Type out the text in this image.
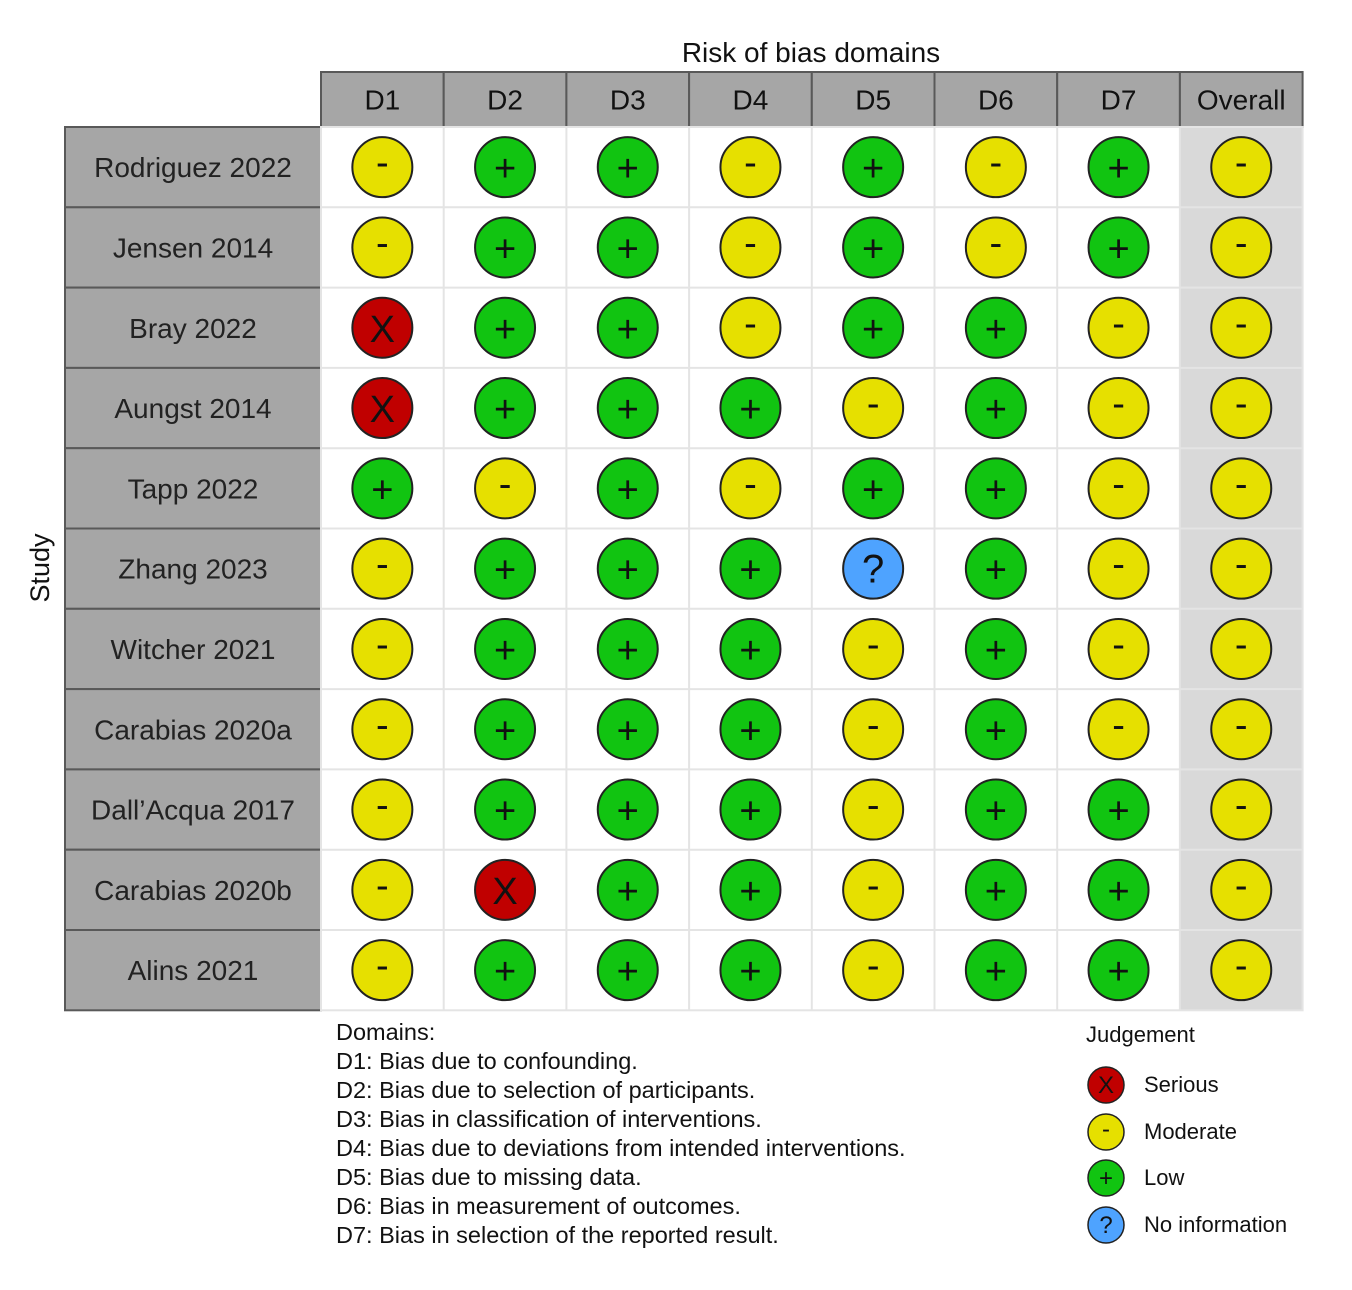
Risk of bias domains
Study
D1	D2	D3	D4	D5	D6	D7 Overall
Rodriguez 2022 -	+	+	-	+	-	+	-
Jensen 2014	-	+	+	-	+	-	+	-
Bray 2022	X	+	+	-	+	+	-	-
Aungst 2014	X	+	+	+	-	+	-	-
Tapp 2022	+	-	+	-	+	+	-	-
Zhang 2023	-	+	+	+	?	+	-	-
Witcher 2021	-	+	+	+	-	+	-	-
Carabias 2020a -	+	+	+	-	+	-	-
Dall’Acqua 2017 -	+	+	+	-	+	+	-
Carabias 2020b -	X	+	+	-	+	+	-
Alins 2021	-	+	+	+	-	+	+	-
Domains:
D1: Bias due to confounding.
D2: Bias due to selection of participants.
D3: Bias in classification of interventions.
D4: Bias due to deviations from intended interventions.
D5: Bias due to missing data.
D6: Bias in measurement of outcomes.
D7: Bias in selection of the reported result.
Judgement
X Serious
- Moderate
+ Low
? No information
